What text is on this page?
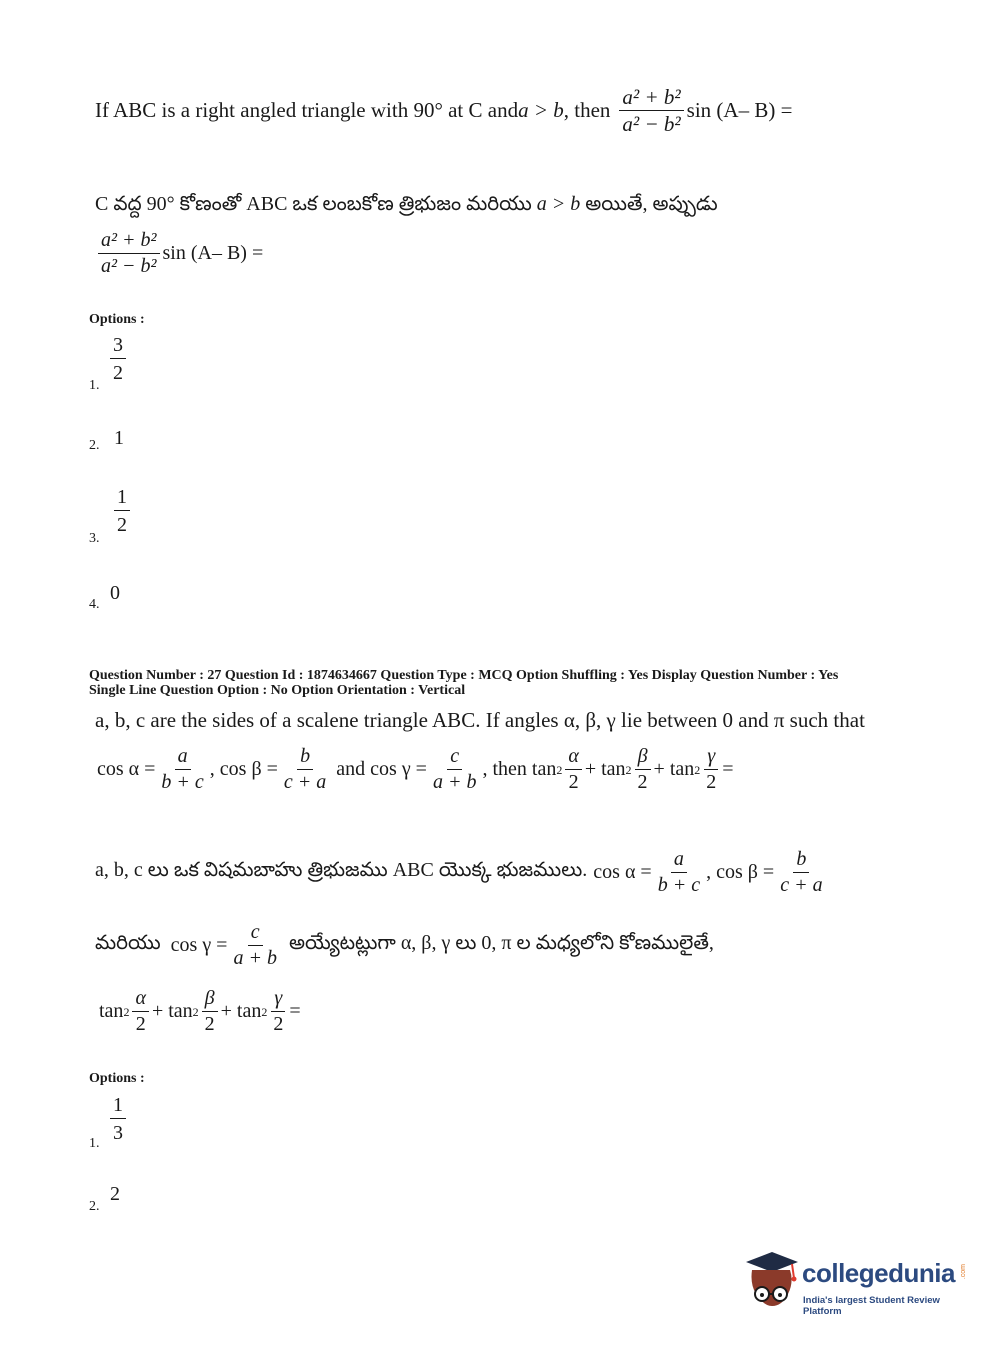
If ABC is a right angled triangle with 90° at C and a > b , then $\frac{\text{a² + b²}}{\text{a² − b²}}$ sin (A– B) =
C వద్ద 90° కోణంతో ABC ఒక లంబకోణ త్రిభుజం మరియు a > b అయితే, అప్పుడు
$\frac{\text{a² + b²}}{\text{a² − b²}}$ sin (A– B) =
Options :
$\frac{3}{2}$
1.
1
2.
$\frac{1}{2}$
3.
0
4.
Question Number : 27 Question Id : 1874634667 Question Type : MCQ Option Shuffling : Yes Display Question Number : Yes
Single Line Question Option : No Option Orientation : Vertical
a, b, c are the sides of a scalene triangle ABC. If angles α, β, γ lie between 0 and π such that
$\cos \alpha = \frac{a}{b + c}$ , $\cos \beta = \frac{b}{c + a}$ and $\cos \gamma = \frac{c}{a + b}$ , then $\tan 2 \frac{\alpha}{2} + \tan 2 \frac{\beta}{2} + \tan 2 \frac{\gamma}{2}$ =
a, b, c లు ఒక విషమబాహు త్రిభుజము ABC యొక్క భుజములు. $\cos \alpha = \frac{a}{b + c}$ , $\cos \beta = \frac{b}{c + a}$
మరియు $\cos \gamma = \frac{c}{a + b}$ అయ్యేటట్లుగా α, β, γ లు 0, π ల మధ్యలోని కోణములైతే,
$\tan 2 \frac{\alpha}{2} + \tan 2 \frac{\beta}{2} + \tan 2 \frac{\gamma}{2}$ =
Options :
$\frac{1}{3}$
1.
2
2.
collegedunia .com
India's largest Student Review Platform
